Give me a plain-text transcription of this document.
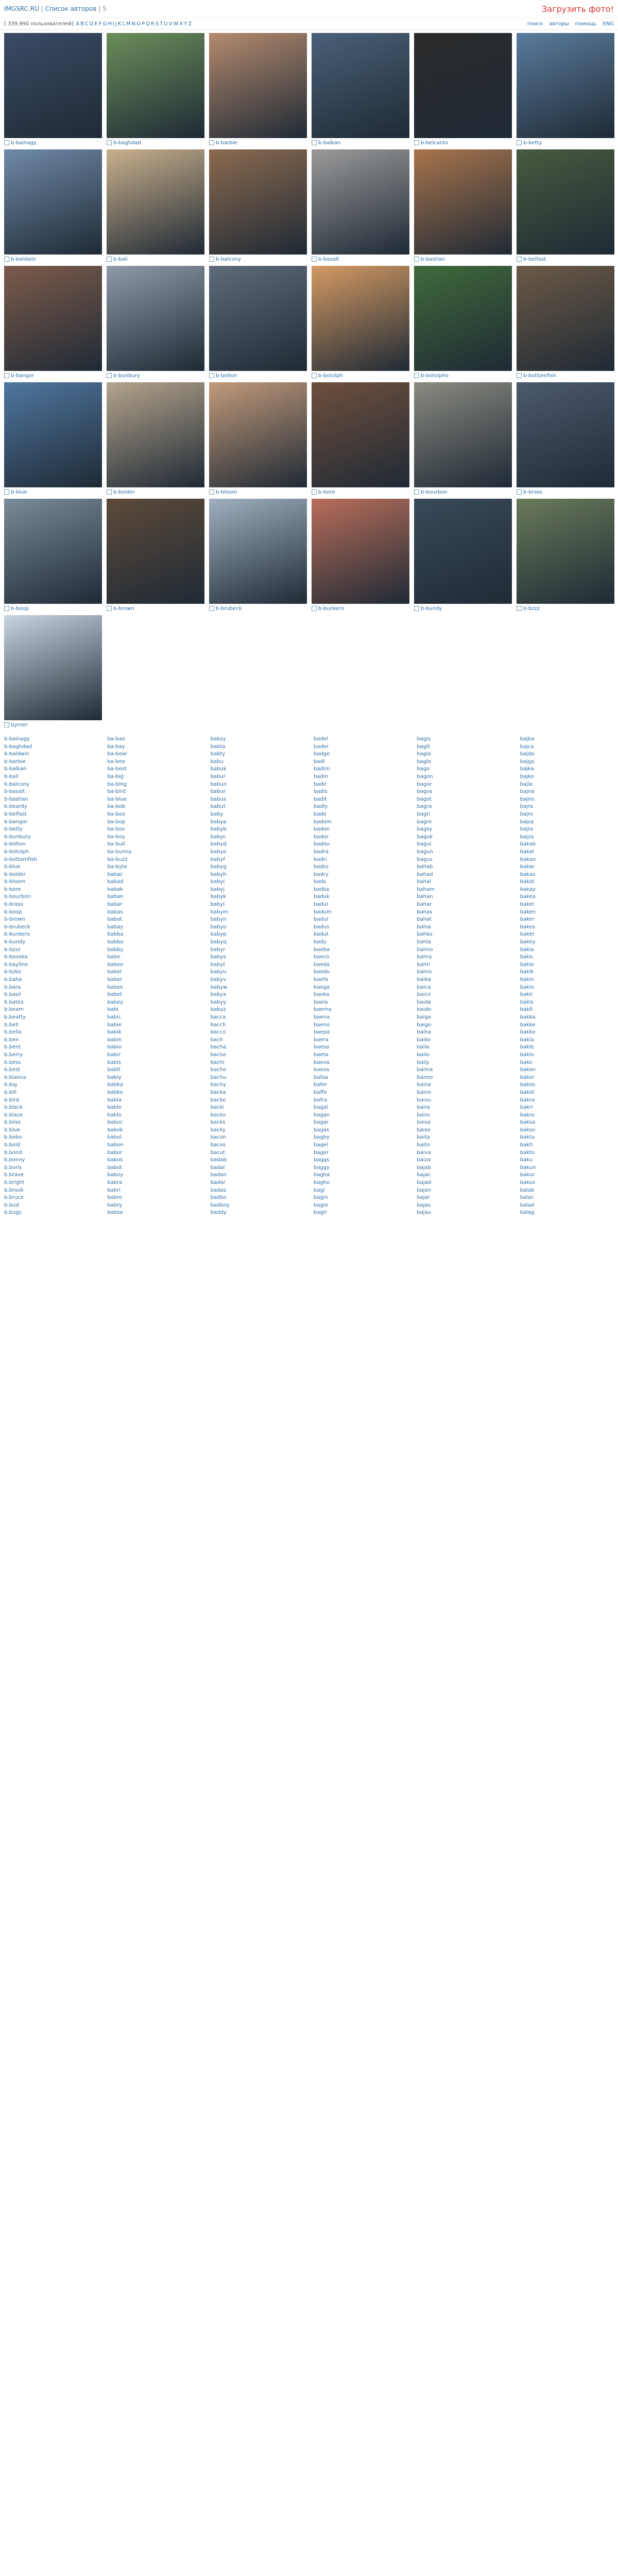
IMGSRC.RU | Список авторов | 5	Загрузить фото!
[ 339,990 пользователей] A B C D E F G H I J K L M N O P Q R S T U V W X Y Z	поиск авторы помощь ENG
b-bainagy	b-baghdad	b-barbie	b-balkan	b-belcanto	b-betty
b-baldwin	b-bali	b-balcony	b-basalt	b-bastian	b-belfast
b-bangor	b-bunbury	b-bolton	b-botolph	b-botolpho	b-bottomfish
b-blue	b-bolder	b-bloom	b-bore	b-bourbon	b-brass
b-boop	b-brown	b-brubeck	b-bunkers	b-bundy	b-bzzz
byrner
b-bainagy
b-baghdad
b-baldwin
b-barbie
b-balkan
b-bali
b-balcony
b-basalt
b-bastian
b-beardy
b-belfast
b-bangor
b-betty
b-bunbury
b-bolton
b-botolph
b-bottomfish
b-blue
b-bolder
b-bloom
b-bore
b-bourbon
b-brass
b-boop
b-brown
b-brubeck
b-bunkers
b-bundy
b-bzzz
b-bzooka
b-bayline
b-bzbz
b.baha
b.bara
b.basil
b.bates
b.beam
b.beatty
b.bell
b.bella
b.ben
b.bent
b.berry
b.bess
b.best
b.bianca
b.big
b.bill
b.bird
b.black
b.blaze
b.bliss
b.blue
b.bobo
b.bold
b.bond
b.bonny
b.boris
b.brave
b.bright
b.brook
b.bruce
b.bud
b.bugs
ba-bao
ba-bay
ba-bear
ba-bee
ba-best
ba-big
ba-bing
ba-bird
ba-blue
ba-bob
ba-boo
ba-bop
ba-box
ba-boy
ba-bull
ba-bunny
ba-buzz
ba-byte
babac
babad
babak
baban
babar
babas
babat
babay
babba
babbo
babby
babe
babee
babel
baber
babes
babet
babey
babi
babic
babie
babik
babin
babio
babir
babis
babit
babiy
babka
babko
babla
bable
bablo
baboc
babok
babol
babon
babor
babos
babot
baboy
babra
babri
babro
babry
babsa
babsy
babta
babty
babu
babuk
babul
babun
babur
babus
babut
baby
babya
babyb
babyc
babyd
babye
babyf
babyg
babyh
babyi
babyj
babyk
babyl
babym
babyn
babyo
babyp
babyq
babyr
babys
babyt
babyu
babyv
babyw
babyx
babyy
babyz
bacca
bacch
bacco
bach
bacha
bache
bachi
bacho
bachu
bachy
backa
backe
backi
backo
backs
backy
bacon
bacos
bacut
badab
badal
badan
badar
badas
badbo
badboy
baddy
badel
bader
badge
badi
badim
badin
badir
badis
badit
badly
bado
badom
badon
bador
badou
badra
badri
badro
badry
bads
badsa
baduk
badul
badum
badur
badus
badut
bady
baeba
baeco
baeda
baedo
baefa
baega
baeka
baela
baema
baena
baeno
baepa
baera
baesa
baeta
baeva
baeza
bafaa
bafer
baffo
bafra
bagal
bagan
bagar
bagas
bagby
bagel
bager
baggs
baggy
bagha
bagho
bagi
bagin
bagio
bagir
bagis
bagit
bagla
baglo
bago
bagon
bagor
bagos
bagot
bagra
bagri
bagro
bagsy
baguk
bagul
bagun
bagus
bahab
bahad
bahal
baham
bahan
bahar
bahas
bahat
bahia
bahko
bahla
bahno
bahra
bahri
bahro
baiba
baica
baico
baida
baido
baiga
baigo
baiha
baiko
baila
bailo
baily
baima
baimo
baina
baino
baiou
baira
bairo
baisa
baiso
baita
baito
baiva
baiza
bajab
bajac
bajad
bajan
bajar
bajas
bajau
bajba
bajca
bajda
bajga
bajka
bajko
bajla
bajna
bajno
bajra
bajro
bajsa
bajta
bajza
bakab
bakal
bakan
bakar
bakas
bakat
bakay
bakea
bakel
baken
baker
bakes
baket
bakey
bakia
bakic
bakie
bakik
bakin
bakio
bakir
bakis
bakit
bakka
bakke
bakko
bakla
bakle
baklo
bako
bakon
bakor
bakos
bakot
bakra
bakri
bakro
baksa
bakso
bakta
bakti
bakto
baku
bakun
bakur
bakus
balab
balac
balad
balag
